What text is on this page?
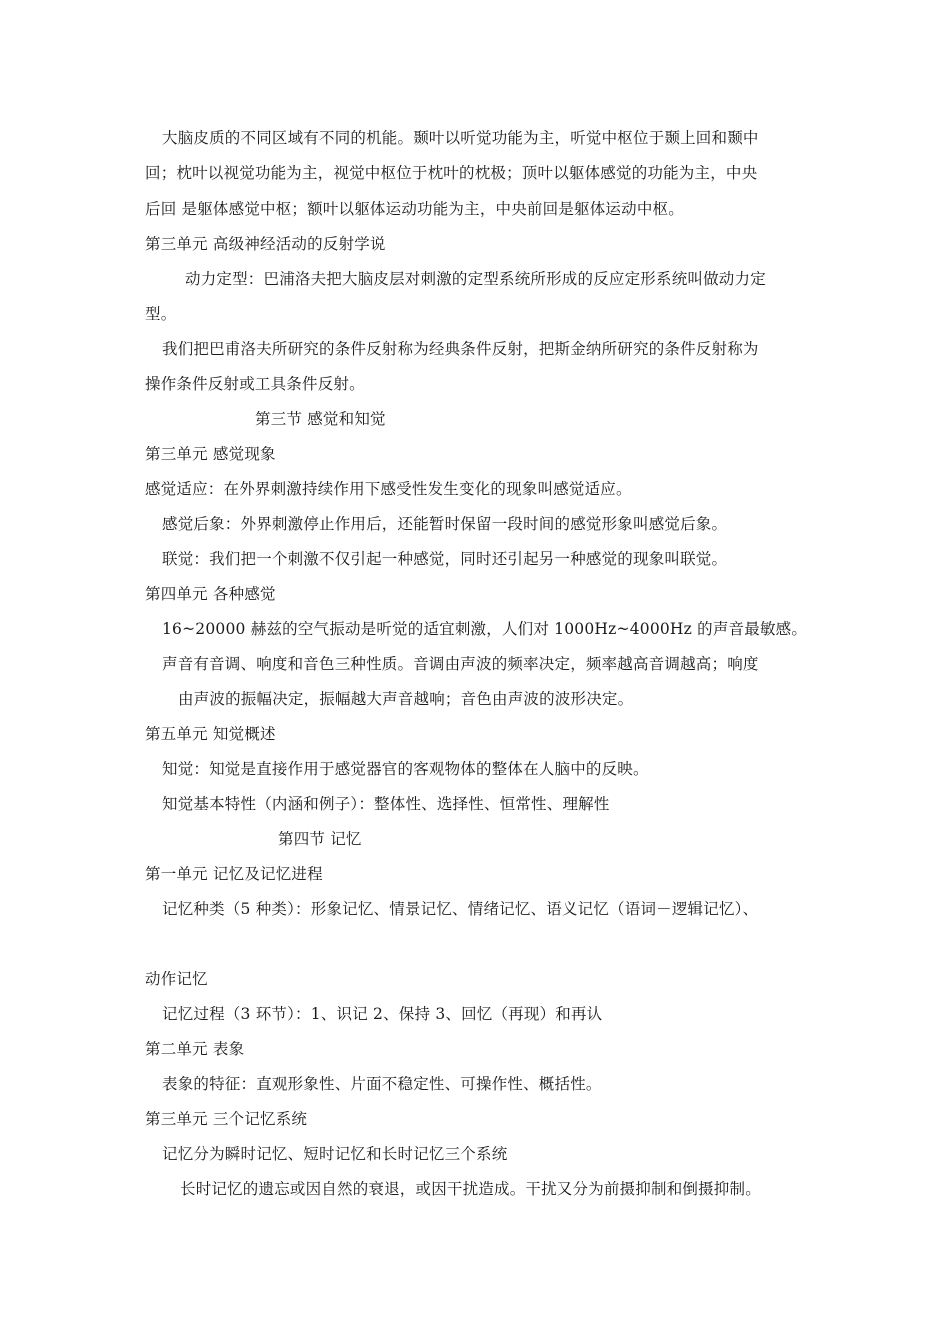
大脑皮质的不同区域有不同的机能。颞叶以听觉功能为主，听觉中枢位于颞上回和颞中
回；枕叶以视觉功能为主，视觉中枢位于枕叶的枕极；顶叶以躯体感觉的功能为主，中央
后回 是躯体感觉中枢；额叶以躯体运动功能为主，中央前回是躯体运动中枢。
第三单元 高级神经活动的反射学说
动力定型：巴浦洛夫把大脑皮层对刺激的定型系统所形成的反应定形系统叫做动力定
型。
我们把巴甫洛夫所研究的条件反射称为经典条件反射，把斯金纳所研究的条件反射称为
操作条件反射或工具条件反射。
第三节 感觉和知觉
第三单元 感觉现象
感觉适应：在外界刺激持续作用下感受性发生变化的现象叫感觉适应。
感觉后象：外界刺激停止作用后，还能暂时保留一段时间的感觉形象叫感觉后象。
联觉：我们把一个刺激不仅引起一种感觉，同时还引起另一种感觉的现象叫联觉。
第四单元 各种感觉
16~20000 赫兹的空气振动是听觉的适宜刺激，人们对 1000Hz~4000Hz 的声音最敏感。
声音有音调、响度和音色三种性质。音调由声波的频率决定，频率越高音调越高；响度
由声波的振幅决定，振幅越大声音越响；音色由声波的波形决定。
第五单元 知觉概述
知觉：知觉是直接作用于感觉器官的客观物体的整体在人脑中的反映。
知觉基本特性（内涵和例子）：整体性、选择性、恒常性、理解性
第四节 记忆
第一单元 记忆及记忆进程
记忆种类（5 种类）：形象记忆、情景记忆、情绪记忆、语义记忆（语词－逻辑记忆）、
动作记忆
记忆过程（3 环节）：1、识记 2、保持 3、回忆（再现）和再认
第二单元 表象
表象的特征：直观形象性、片面不稳定性、可操作性、概括性。
第三单元 三个记忆系统
记忆分为瞬时记忆、短时记忆和长时记忆三个系统
长时记忆的遗忘或因自然的衰退，或因干扰造成。干扰又分为前摄抑制和倒摄抑制。
